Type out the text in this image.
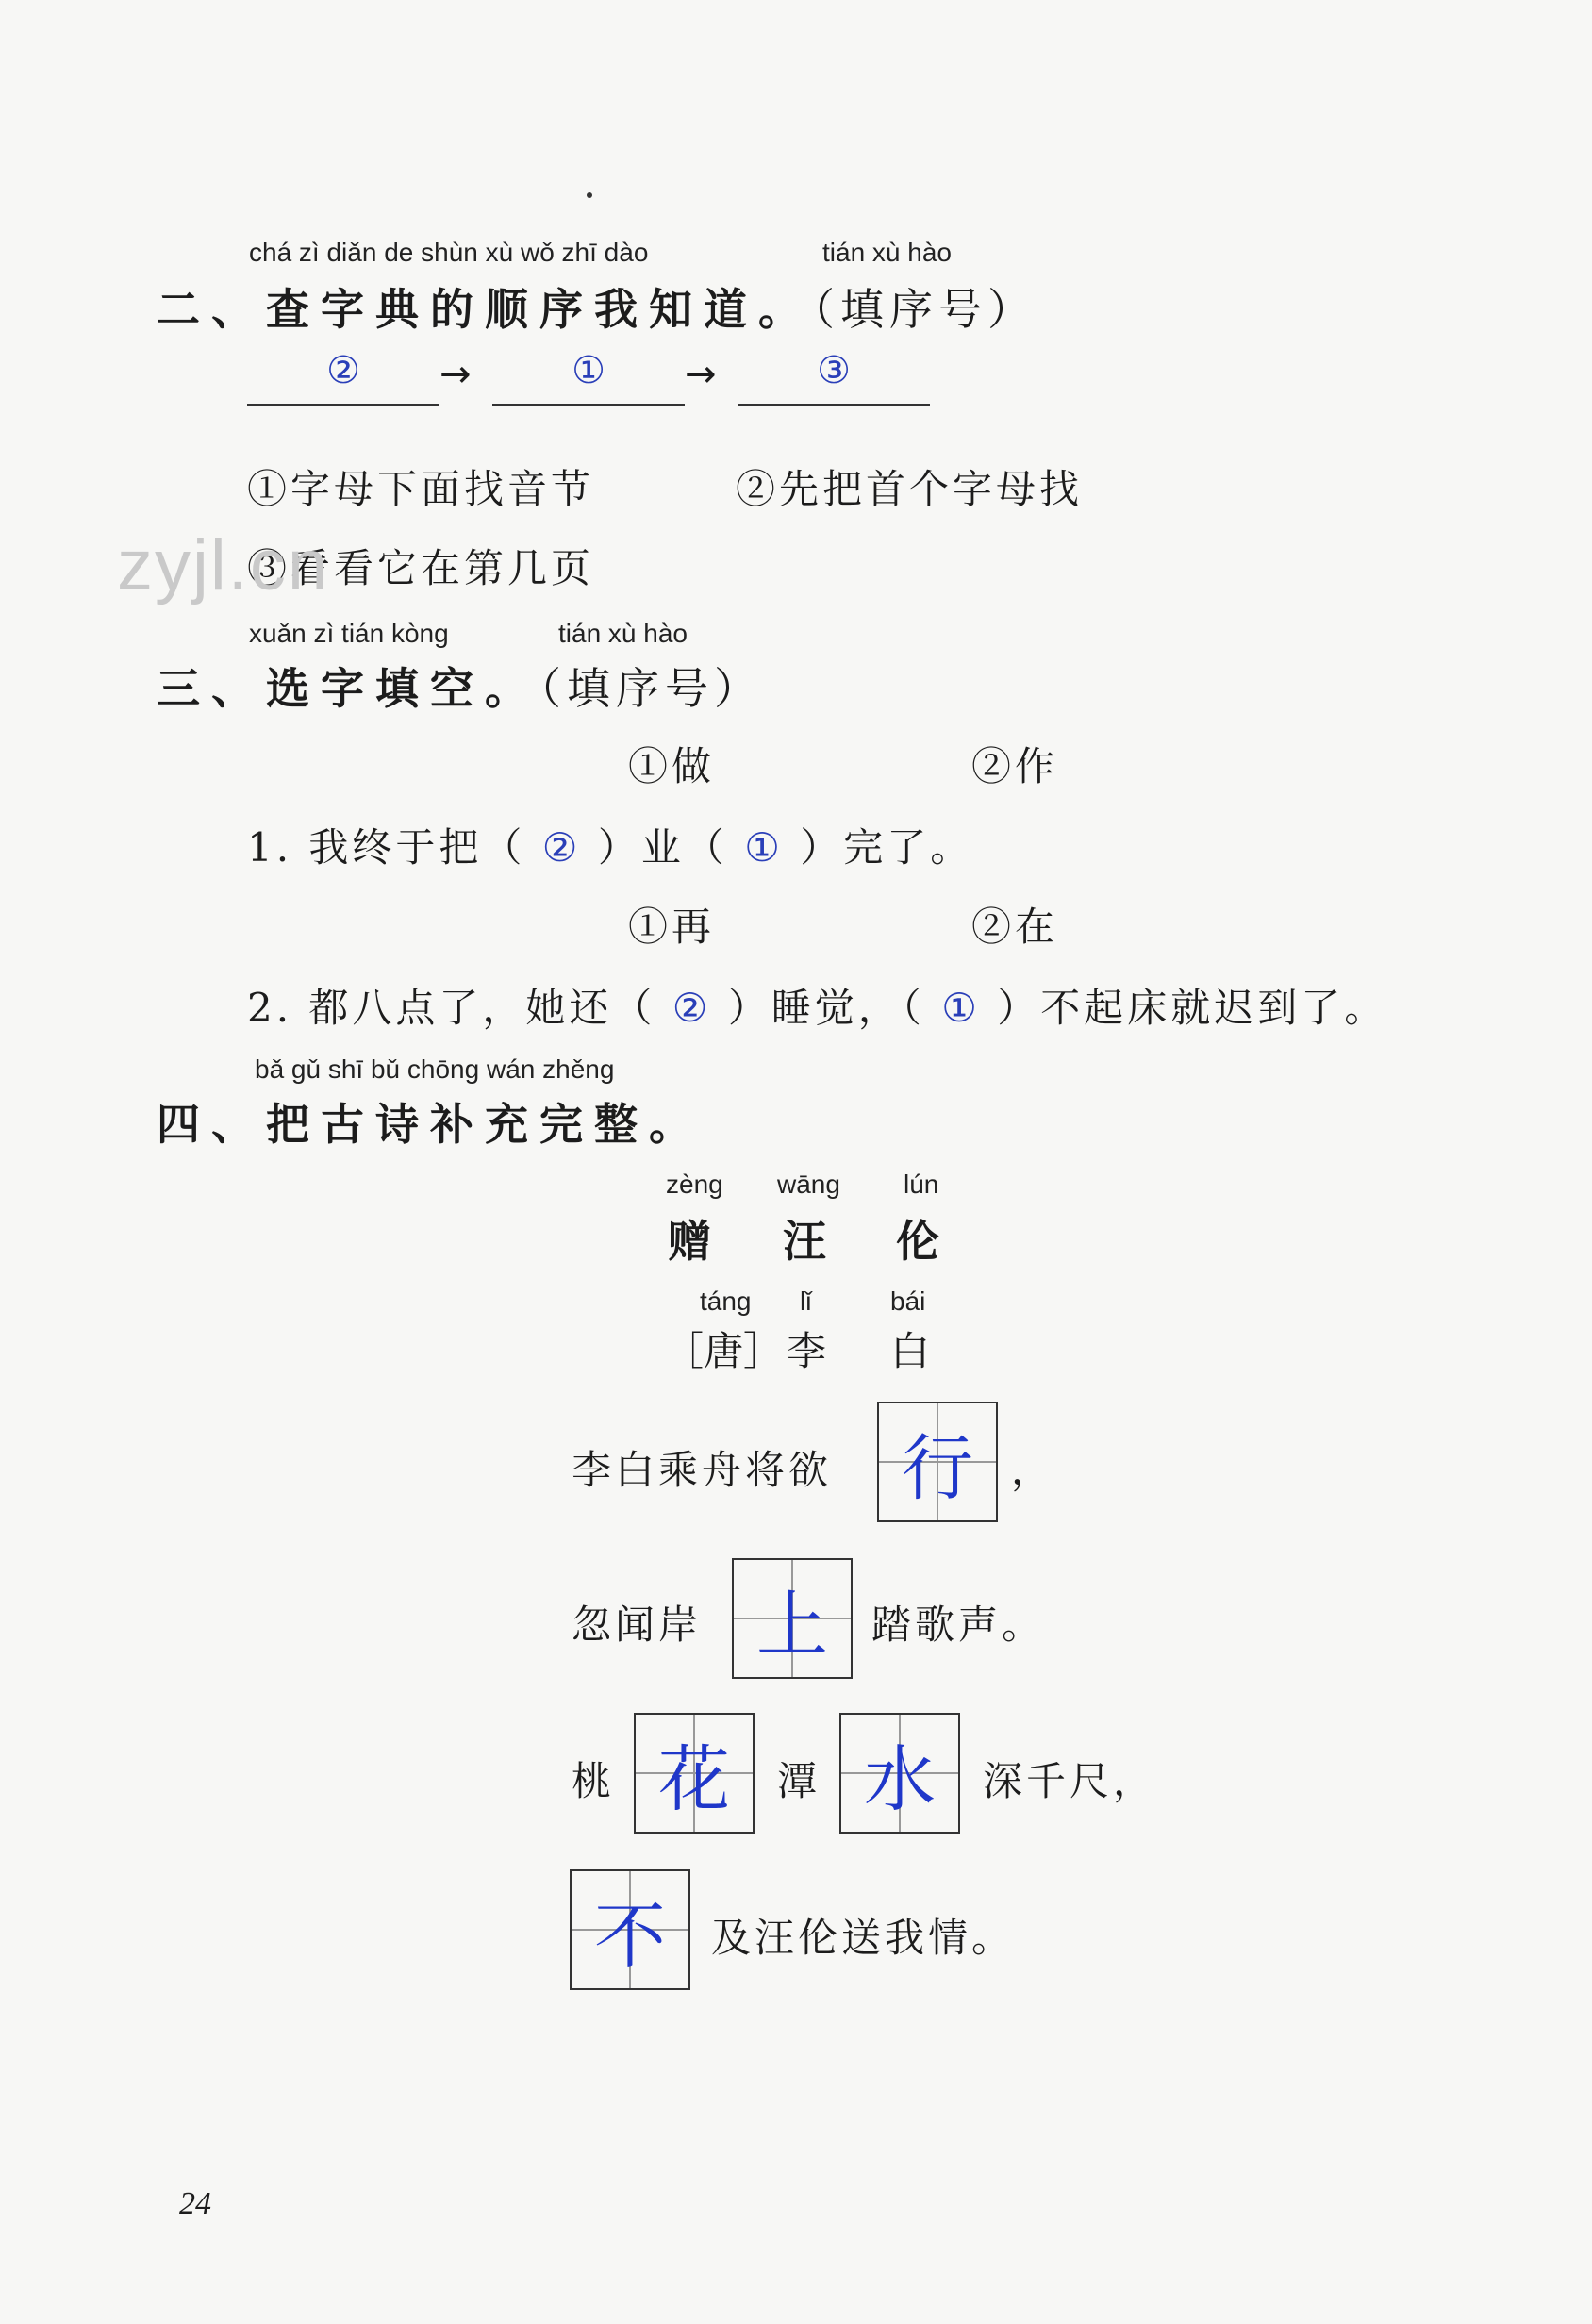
chá zì diǎn de shùn xù wǒ zhī dào	tián xù hào
二、查字典的顺序我知道。（填序号）
②	→	①	→	③
①字母下面找音节	②先把首个字母找
③看看它在第几页
zyjl.cn
xuǎn zì tián kòng	tián xù hào
三、选字填空。（填序号）
①做	②作
1. 我终于把（ ② ）业（ ① ）完了。
①再	②在
2. 都八点了，她还（ ② ）睡觉，（ ① ）不起床就迟到了。
bǎ gǔ shī bǔ chōng wán zhěng
四、把古诗补充完整。
zèng wāng lún
赠 汪 伦
táng lǐ	bái
［唐］ 李 白
李白乘舟将欲 行 ，
忽闻岸 上	踏歌声。
桃 花	潭 水	深千尺，
不	及汪伦送我情。
24
